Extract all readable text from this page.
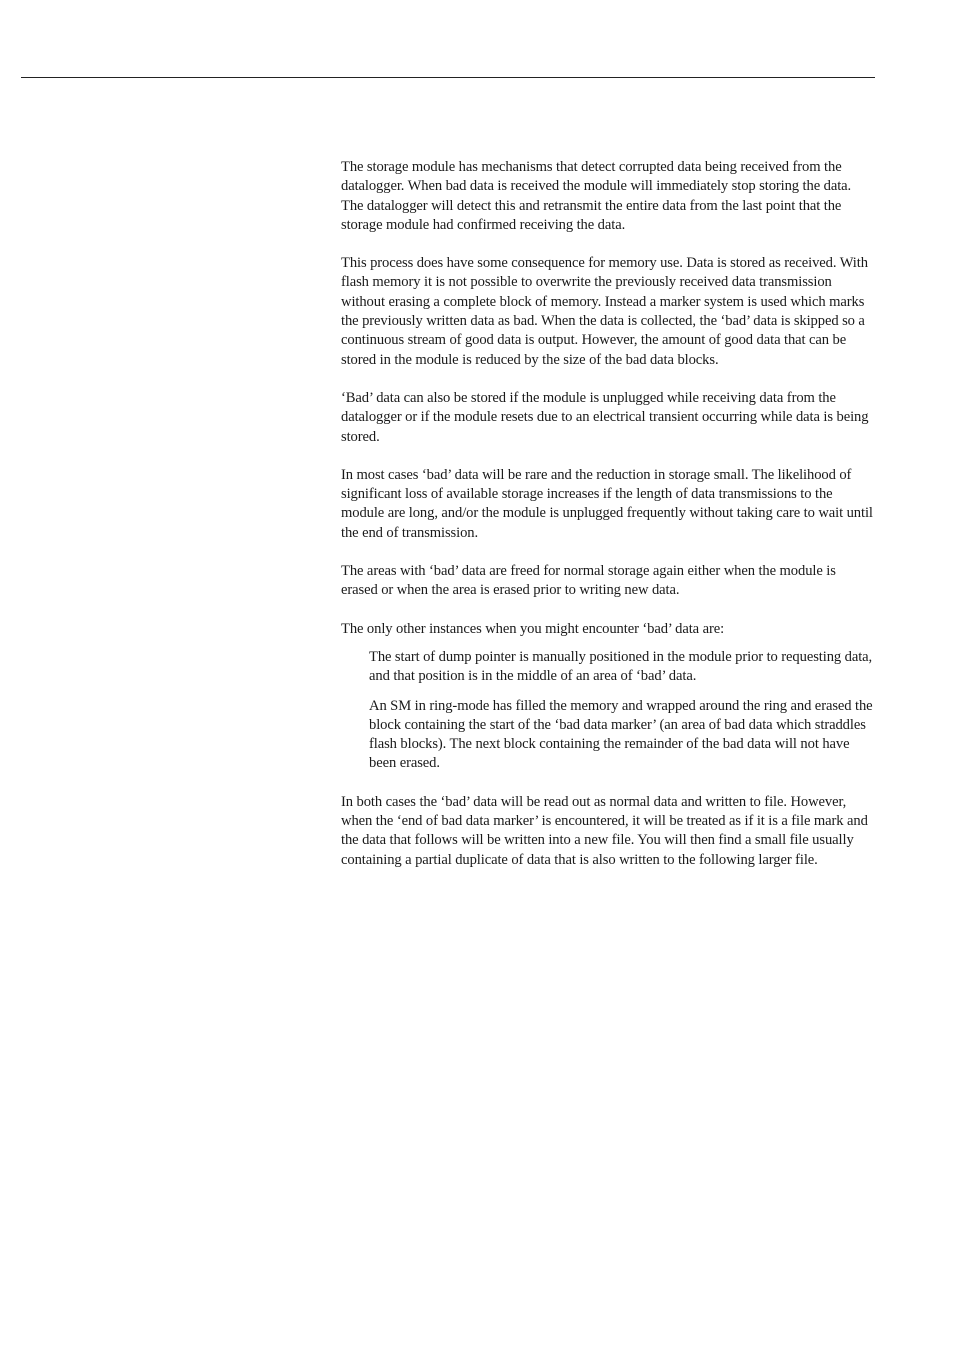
The storage module has mechanisms that detect corrupted data being received from the datalogger. When bad data is received the module will immediately stop storing the data. The datalogger will detect this and retransmit the entire data from the last point that the storage module had confirmed receiving the data.

This process does have some consequence for memory use. Data is stored as received. With flash memory it is not possible to overwrite the previously received data transmission without erasing a complete block of memory. Instead a marker system is used which marks the previously written data as bad. When the data is collected, the ‘bad’ data is skipped so a continuous stream of good data is output. However, the amount of good data that can be stored in the module is reduced by the size of the bad data blocks.

‘Bad’ data can also be stored if the module is unplugged while receiving data from the datalogger or if the module resets due to an electrical transient occurring while data is being stored.

In most cases ‘bad’ data will be rare and the reduction in storage small. The likelihood of significant loss of available storage increases if the length of data transmissions to the module are long, and/or the module is unplugged frequently without taking care to wait until the end of transmission.

The areas with ‘bad’ data are freed for normal storage again either when the module is erased or when the area is erased prior to writing new data.

The only other instances when you might encounter ‘bad’ data are:

The start of dump pointer is manually positioned in the module prior to requesting data, and that position is in the middle of an area of ‘bad’ data.
An SM in ring-mode has filled the memory and wrapped around the ring and erased the block containing the start of the ‘bad data marker’ (an area of bad data which straddles flash blocks). The next block containing the remainder of the bad data will not have been erased.

In both cases the ‘bad’ data will be read out as normal data and written to file. However, when the ‘end of bad data marker’ is encountered, it will be treated as if it is a file mark and the data that follows will be written into a new file. You will then find a small file usually containing a partial duplicate of data that is also written to the following larger file.
